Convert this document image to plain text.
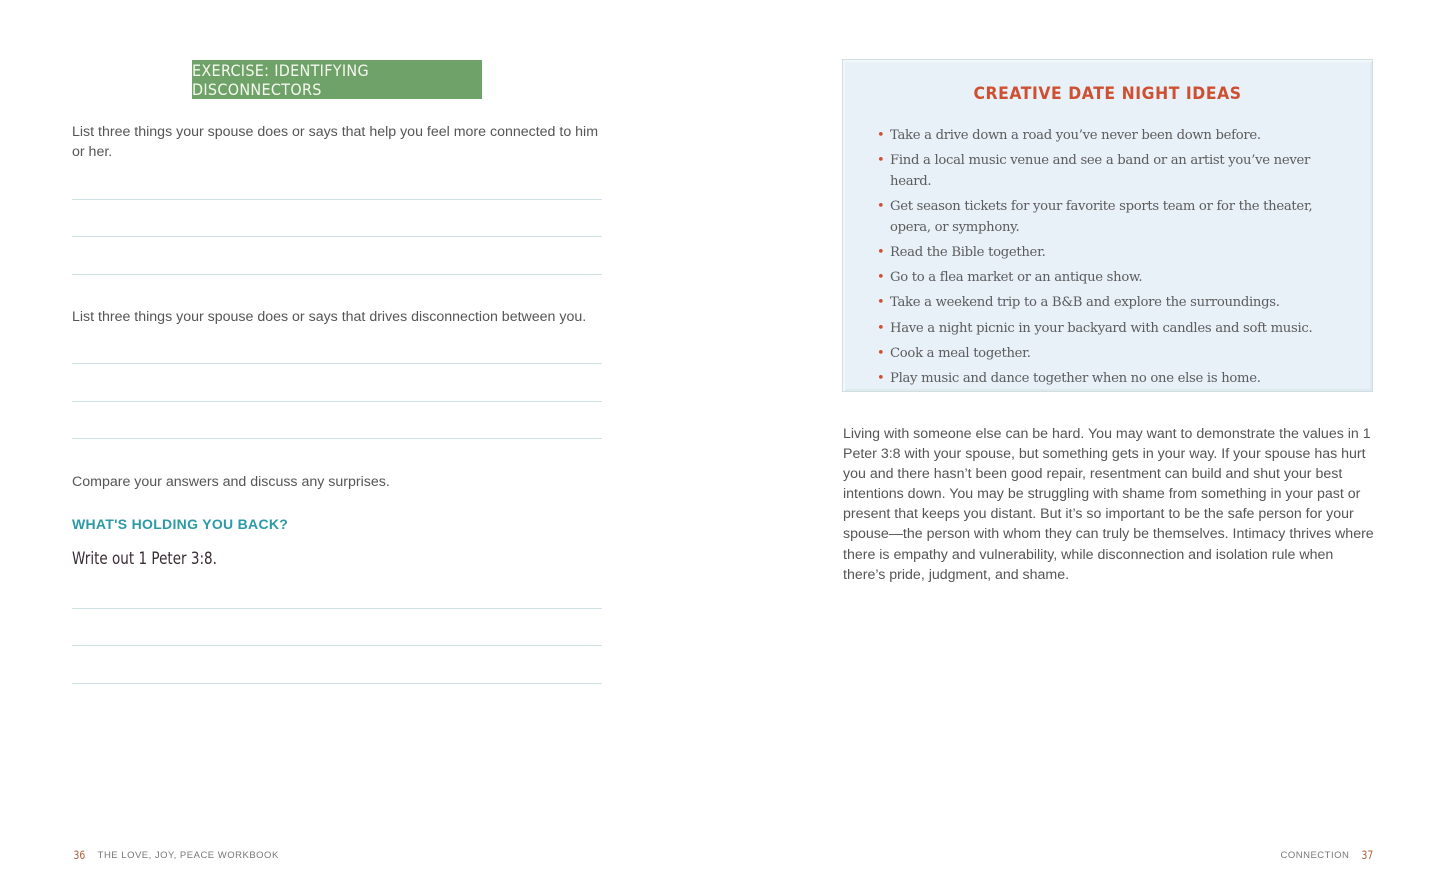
EXERCISE: IDENTIFYING DISCONNECTORS

List three things your spouse does or says that help you feel more connected to him or her.

List three things your spouse does or says that drives disconnection between you.

Compare your answers and discuss any surprises.

WHAT'S HOLDING YOU BACK?
Write out 1 Peter 3:8.
36 THE LOVE, JOY, PEACE WORKBOOK
CREATIVE DATE NIGHT IDEAS
• Take a drive down a road you’ve never been down before.
• Find a local music venue and see a band or an artist you’ve never heard.
• Get season tickets for your favorite sports team or for the theater, opera, or symphony.
• Read the Bible together.
• Go to a flea market or an antique show.
• Take a weekend trip to a B&B and explore the surroundings.
• Have a night picnic in your backyard with candles and soft music.
• Cook a meal together.
• Play music and dance together when no one else is home.

Living with someone else can be hard. You may want to demonstrate the values in 1 Peter 3:8 with your spouse, but something gets in your way. If your spouse has hurt you and there hasn’t been good repair, resentment can build and shut your best intentions down. You may be struggling with shame from something in your past or present that keeps you distant. But it’s so important to be the safe person for your spouse—the person with whom they can truly be themselves. Intimacy thrives where there is empathy and vulnerability, while disconnection and isolation rule when there’s pride, judgment, and shame.

CONNECTION 37
